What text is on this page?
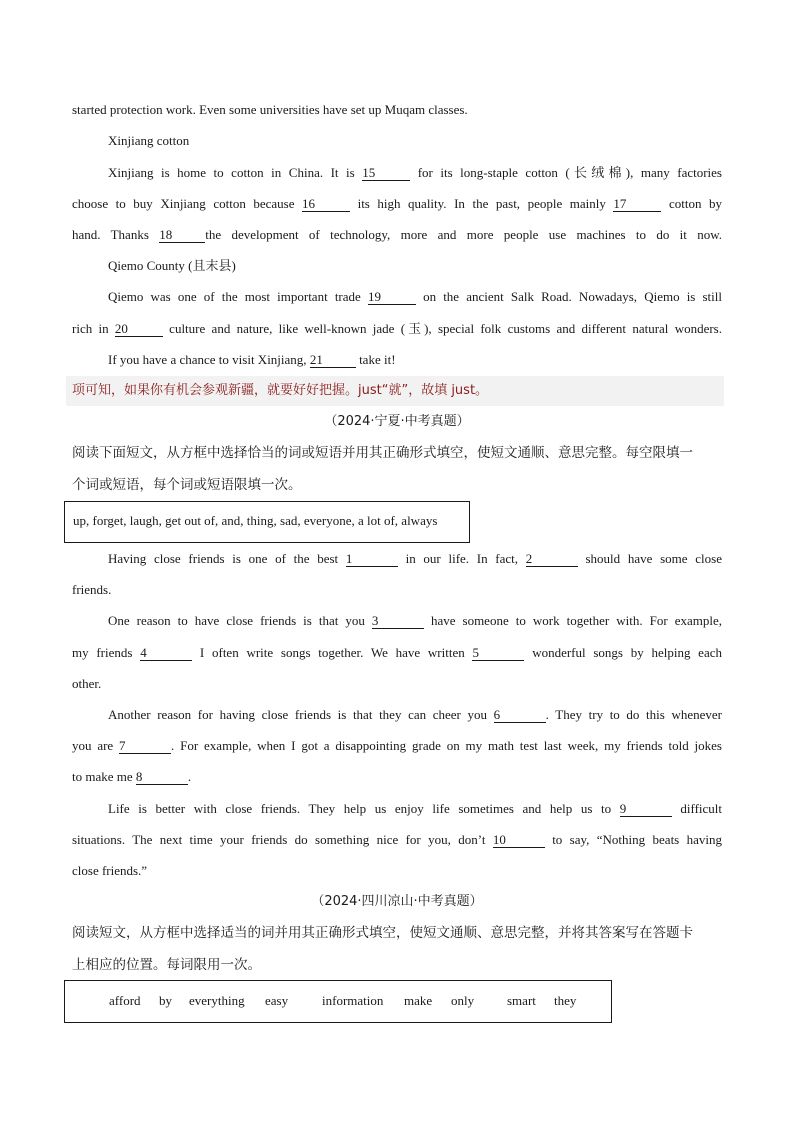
started protection work. Even some universities have set up Muqam classes.
Xinjiang cotton
Xinjiang is home to cotton in China. It is 15	for its long-staple cotton (长绒棉), many factories
choose to buy Xinjiang cotton because 16	its high quality. In the past, people mainly 17	cotton by
hand. Thanks 18	the development of technology, more and more people use machines to do it now.
Qiemo County (且末县)
Qiemo was one of the most important trade 19	on the ancient Salk Road. Nowadays, Qiemo is still
rich in 20	culture and nature, like well-known jade (玉), special folk customs and different natural wonders.
If you have a chance to visit Xinjiang, 21	take it!
项可知，如果你有机会参观新疆，就要好好把握。just“就”，故填 just。
（2024·宁夏·中考真题）
阅读下面短文，从方框中选择恰当的词或短语并用其正确形式填空，使短文通顺、意思完整。每空限填一
个词或短语，每个词或短语限填一次。
up, forget, laugh, get out of, and, thing, sad, everyone, a lot of, always
Having close friends is one of the best 1	in our life. In fact, 2	should have some close
friends.
One reason to have close friends is that you 3	have someone to work together with. For example,
my friends 4	I often write songs together. We have written 5	wonderful songs by helping each
other.
Another reason for having close friends is that they can cheer you 6	. They try to do this whenever
you are 7	. For example, when I got a disappointing grade on my math test last week, my friends told jokes
to make me 8	.
Life is better with close friends. They help us enjoy life sometimes and help us to 9	difficult
situations. The next time your friends do something nice for you, don’t 10	to say, “Nothing beats having
close friends.”
（2024·四川凉山·中考真题）
阅读短文，从方框中选择适当的词并用其正确形式填空，使短文通顺、意思完整，并将其答案写在答题卡
上相应的位置。每词限用一次。
afford by everything easy	information make only	smart they
